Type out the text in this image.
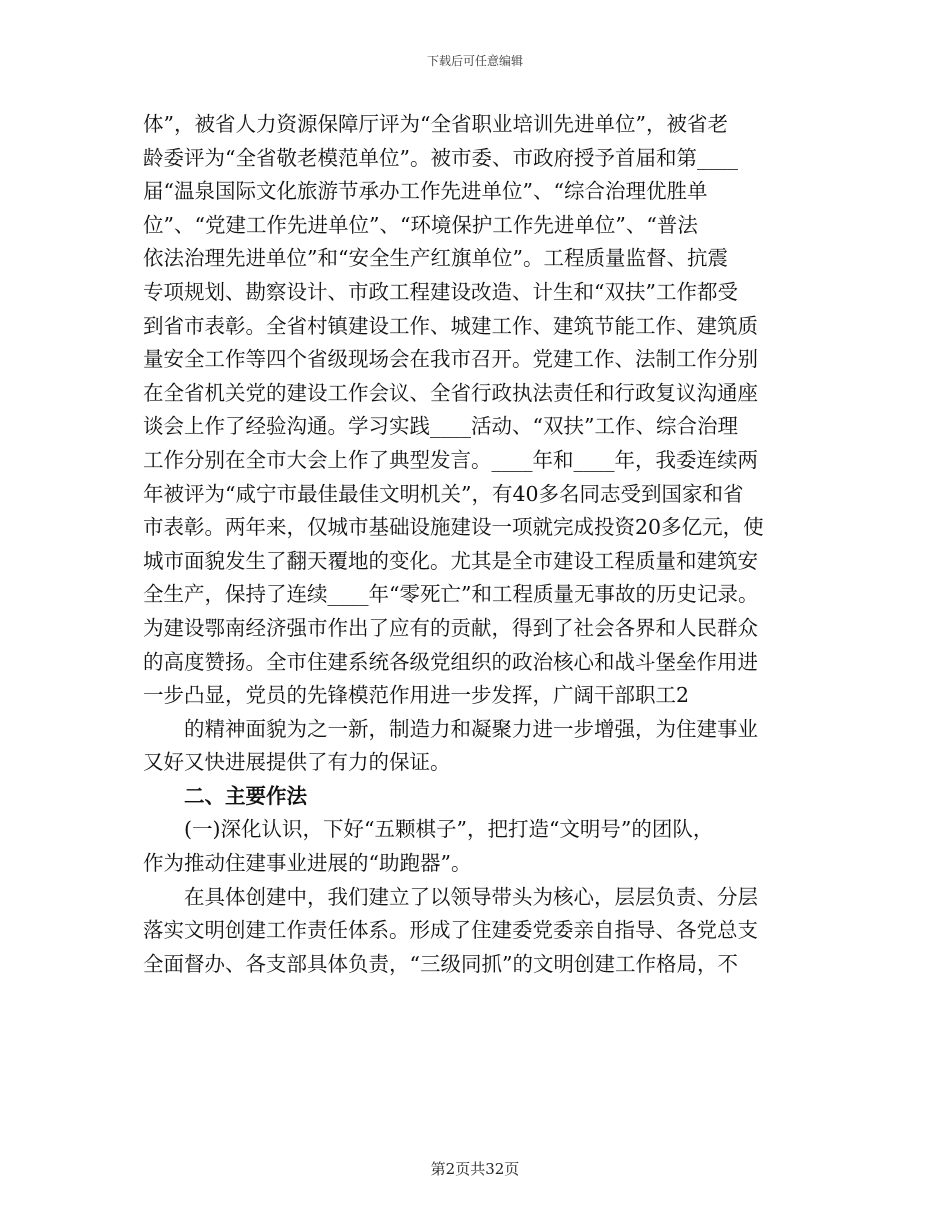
下载后可任意编辑
体”，被省人力资源保障厅评为“全省职业培训先进单位”，被省老
龄委评为“全省敬老模范单位”。被市委、市政府授予首届和第____
届“温泉国际文化旅游节承办工作先进单位”、“综合治理优胜单
位”、“党建工作先进单位”、“环境保护工作先进单位”、“普法
依法治理先进单位”和“安全生产红旗单位”。工程质量监督、抗震
专项规划、勘察设计、市政工程建设改造、计生和“双扶”工作都受
到省市表彰。全省村镇建设工作、城建工作、建筑节能工作、建筑质
量安全工作等四个省级现场会在我市召开。党建工作、法制工作分别
在全省机关党的建设工作会议、全省行政执法责任和行政复议沟通座
谈会上作了经验沟通。学习实践____活动、“双扶”工作、综合治理
工作分别在全市大会上作了典型发言。____年和____年，我委连续两
年被评为“咸宁市最佳最佳文明机关”，有40多名同志受到国家和省
市表彰。两年来，仅城市基础设施建设一项就完成投资20多亿元，使
城市面貌发生了翻天覆地的变化。尤其是全市建设工程质量和建筑安
全生产，保持了连续____年“零死亡”和工程质量无事故的历史记录。
为建设鄂南经济强市作出了应有的贡献，得到了社会各界和人民群众
的高度赞扬。全市住建系统各级党组织的政治核心和战斗堡垒作用进
一步凸显，党员的先锋模范作用进一步发挥，广阔干部职工2
的精神面貌为之一新，制造力和凝聚力进一步增强，为住建事业
又好又快进展提供了有力的保证。
二、主要作法
(一)深化认识，下好“五颗棋子”，把打造“文明号”的团队，
作为推动住建事业进展的“助跑器”。
在具体创建中，我们建立了以领导带头为核心，层层负责、分层
落实文明创建工作责任体系。形成了住建委党委亲自指导、各党总支
全面督办、各支部具体负责，“三级同抓”的文明创建工作格局，不
第2页共32页
